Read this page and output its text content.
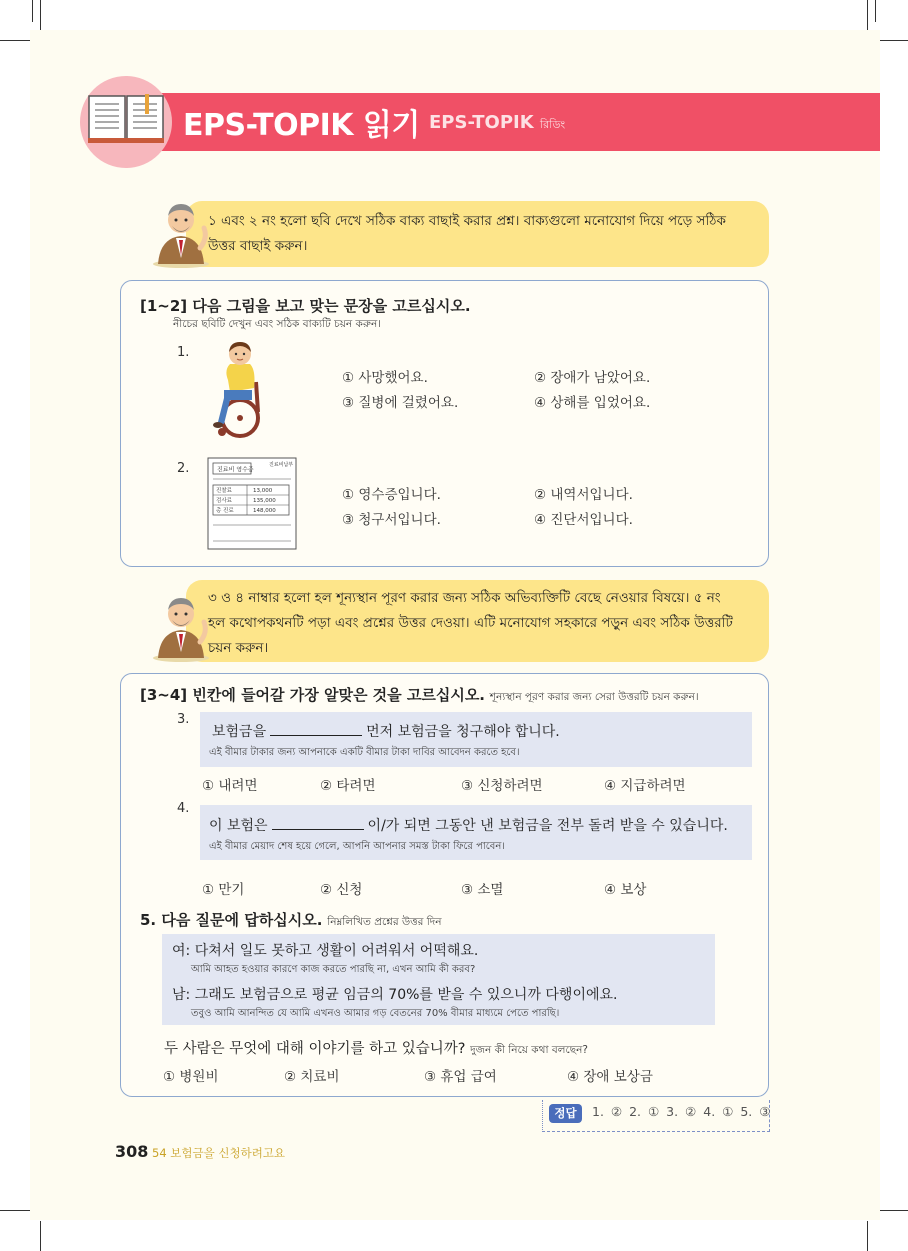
EPS-TOPIK 읽기 EPS-TOPIK রিডিং
১ এবং ২ নং হলো ছবি দেখে সঠিক বাক্য বাছাই করার প্রশ্ন। বাক্যগুলো মনোযোগ দিয়ে পড়ে সঠিক
উত্তর বাছাই করুন।
[1~2] 다음 그림을 보고 맞는 문장을 고르십시오.
নীচের ছবিটি দেখুন এবং সঠিক বাক্যটি চয়ন করুন।
1.
① 사망했어요.	② 장애가 남았어요.
③ 질병에 걸렸어요.	④ 상해를 입었어요.
2.	진료비 영수증
진료비납부
진찰료	13,000
검사료	135,000
총 진료	148,000
① 영수증입니다.	② 내역서입니다.
③ 청구서입니다.	④ 진단서입니다.
৩ ও ৪ নাম্বার হলো হল শূন্যস্থান পূরণ করার জন্য সঠিক অভিব্যক্তিটি বেছে নেওয়ার বিষয়ে। ৫ নং
হল কথোপকথনটি পড়া এবং প্রশ্নের উত্তর দেওয়া। এটি মনোযোগ সহকারে পড়ুন এবং সঠিক উত্তরটি
চয়ন করুন।
[3~4] 빈칸에 들어갈 가장 알맞은 것을 고르십시오. শূন্যস্থান পূরণ করার জন্য সেরা উত্তরটি চয়ন করুন।
3.
보험금을	먼저 보험금을 청구해야 합니다.
এই বীমার টাকার জন্য আপনাকে একটি বীমার টাকা দাবির আবেদন করতে হবে।
① 내려면	② 타려면	③ 신청하려면	④ 지급하려면
4.
이 보험은	이/가 되면 그동안 낸 보험금을 전부 돌려 받을 수 있습니다.
এই বীমার মেয়াদ শেষ হয়ে গেলে, আপনি আপনার সমস্ত টাকা ফিরে পাবেন।
① 만기	② 신청	③ 소멸	④ 보상
5. 다음 질문에 답하십시오. নিম্নলিখিত প্রশ্নের উত্তর দিন
여: 다쳐서 일도 못하고 생활이 어려워서 어떡해요.
আমি আহত হওয়ার কারণে কাজ করতে পারছি না, এখন আমি কী করব?
남: 그래도 보험금으로 평균 임금의 70%를 받을 수 있으니까 다행이에요.
তবুও আমি আনন্দিত যে আমি এখনও আমার গড় বেতনের 70% বীমার মাধ্যমে পেতে পারছি।
두 사람은 무엇에 대해 이야기를 하고 있습니까? দুজন কী নিয়ে কথা বলছেন?
① 병원비	② 치료비	③ 휴업 급여	④ 장애 보상금
정답	1. ② 2. ① 3. ② 4. ① 5. ③
308 54 보험금을 신청하려고요
